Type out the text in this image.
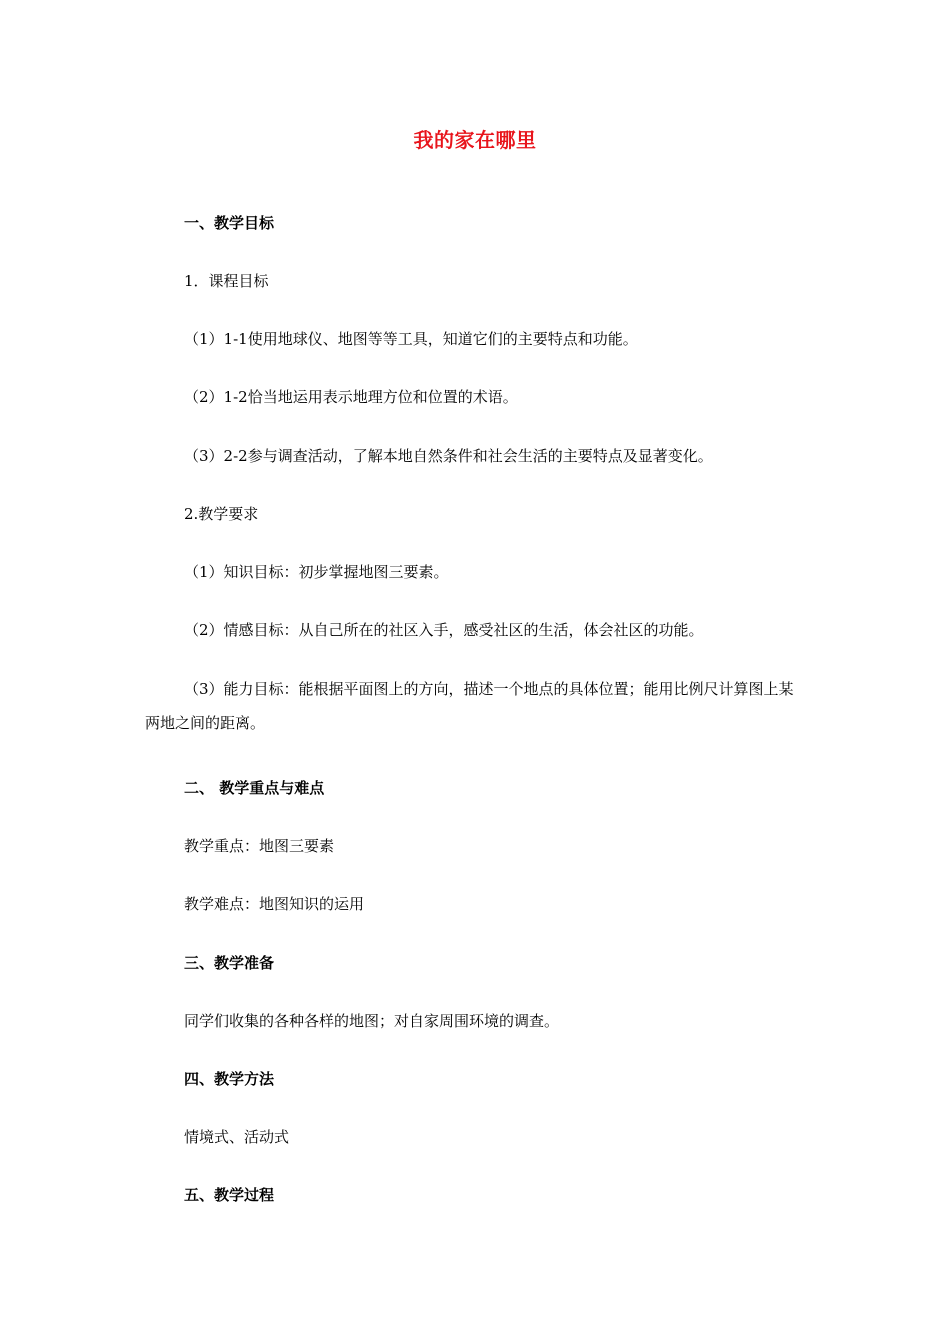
我的家在哪里
一、教学目标
1．课程目标
（1）1-1使用地球仪、地图等等工具，知道它们的主要特点和功能。
（2）1-2恰当地运用表示地理方位和位置的术语。
（3）2-2参与调查活动，了解本地自然条件和社会生活的主要特点及显著变化。
2.教学要求
（1）知识目标：初步掌握地图三要素。
（2）情感目标：从自己所在的社区入手，感受社区的生活，体会社区的功能。
（3）能力目标：能根据平面图上的方向，描述一个地点的具体位置；能用比例尺计算图上某两地之间的距离。
二、 教学重点与难点
教学重点：地图三要素
教学难点：地图知识的运用
三、教学准备
同学们收集的各种各样的地图；对自家周围环境的调查。
四、教学方法
情境式、活动式
五、教学过程
